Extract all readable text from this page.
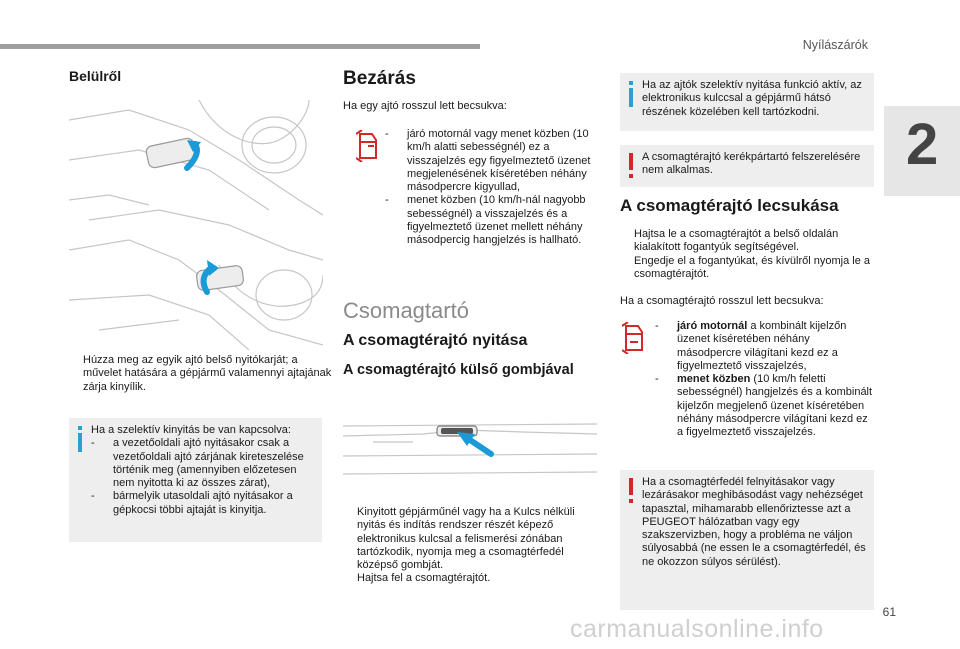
Nyílászárók
2
Belülről
Húzza meg az egyik ajtó belső nyitókarját; a művelet hatására a gépjármű valamennyi ajtajának zárja kinyílik.
Ha a szelektív kinyitás be van kapcsolva:
- a vezetőoldali ajtó nyitásakor csak a vezetőoldali ajtó zárjának kireteszelése történik meg (amennyiben előzetesen nem nyitotta ki az összes zárat),
- bármelyik utasoldali ajtó nyitásakor a gépkocsi többi ajtaját is kinyitja.
Bezárás
Ha egy ajtó rosszul lett becsukva:
- járó motornál vagy menet közben (10 km/h alatti sebességnél) ez a visszajelzés egy figyelmeztető üzenet megjelenésének kíséretében néhány másodpercre kigyullad,
- menet közben (10 km/h-nál nagyobb sebességnél) a visszajelzés és a figyelmeztető üzenet mellett néhány másodpercig hangjelzés is hallható.
Csomagtartó
A csomagtérajtó nyitása
A csomagtérajtó külső gombjával
Kinyitott gépjárműnél vagy ha a Kulcs nélküli nyitás és indítás rendszer részét képező elektronikus kulcsal a felismerési zónában tartózkodik, nyomja meg a csomagtérfedél középső gombját.
Hajtsa fel a csomagtérajtót.
Ha az ajtók szelektív nyitása funkció aktív, az elektronikus kulccsal a gépjármű hátsó részének közelében kell tartózkodni.
A csomagtérajtó kerékpártartó felszerelésére nem alkalmas.
A csomagtérajtó lecsukása
Hajtsa le a csomagtérajtót a belső oldalán kialakított fogantyúk segítségével.
Engedje el a fogantyúkat, és kívülről nyomja le a csomagtérajtót.
Ha a csomagtérajtó rosszul lett becsukva:
- járó motornál a kombinált kijelzőn üzenet kíséretében néhány másodpercre világítani kezd ez a figyelmeztető visszajelzés,
- menet közben (10 km/h feletti sebességnél) hangjelzés és a kombinált kijelzőn megjelenő üzenet kíséretében néhány másodpercre világítani kezd ez a figyelmeztető visszajelzés.
Ha a csomagtérfedél felnyitásakor vagy lezárásakor meghibásodást vagy nehézséget tapasztal, mihamarabb ellenőriztesse azt a PEUGEOT hálózatban vagy egy szakszervizben, hogy a probléma ne váljon súlyosabbá (ne essen le a csomagtérfedél, és ne okozzon súlyos sérülést).
61
carmanualsonline.info
